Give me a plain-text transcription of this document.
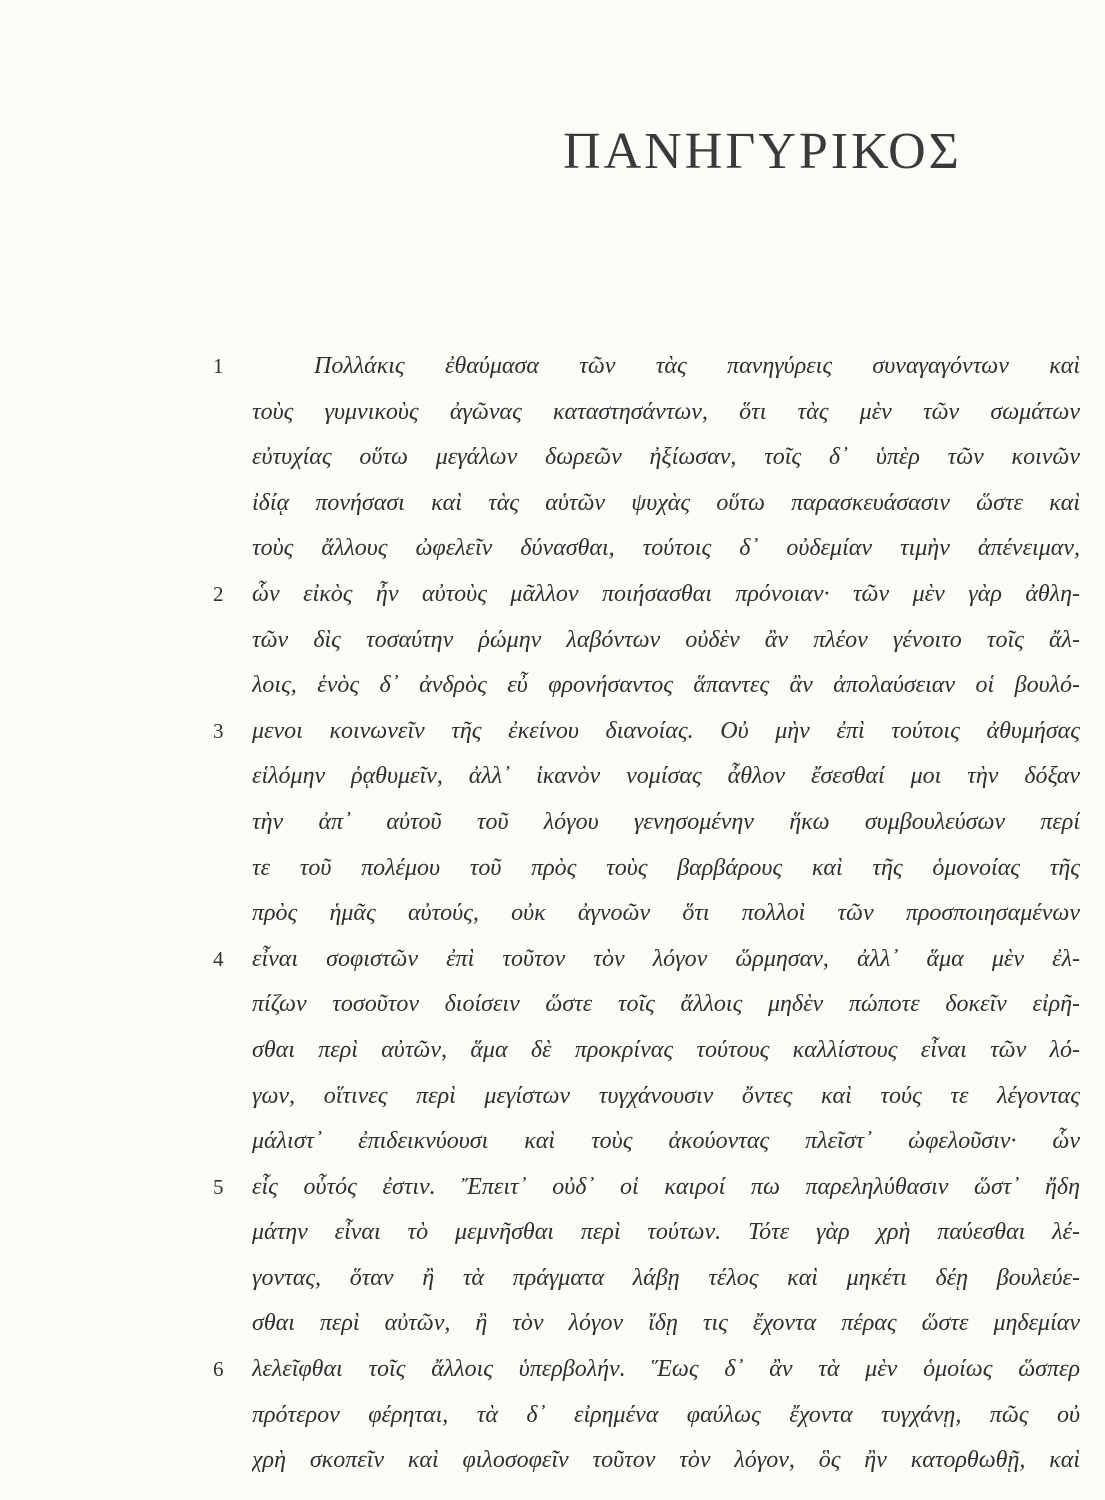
ΠΑΝΗΓΥΡΙΚΟΣ
1	Πολλάκις ἐθαύμασα τῶν τὰς πανηγύρεις συναγαγόντων καὶ
τοὺς γυμνικοὺς ἀγῶνας καταστησάντων, ὅτι τὰς μὲν τῶν σωμάτων
εὐτυχίας οὕτω μεγάλων δωρεῶν ἠξίωσαν, τοῖς δ᾽ ὑπὲρ τῶν κοινῶν
ἰδίᾳ πονήσασι καὶ τὰς αὑτῶν ψυχὰς οὕτω παρασκευάσασιν ὥστε καὶ
τοὺς ἄλλους ὠφελεῖν δύνασθαι, τούτοις δ᾽ οὐδεμίαν τιμὴν ἀπένειμαν,
2	ὧν εἰκὸς ἦν αὐτοὺς μᾶλλον ποιήσασθαι πρόνοιαν· τῶν μὲν γὰρ ἀθλη-
τῶν δὶς τοσαύτην ῥώμην λαβόντων οὐδὲν ἂν πλέον γένοιτο τοῖς ἄλ-
λοις, ἑνὸς δ᾽ ἀνδρὸς εὖ φρονήσαντος ἅπαντες ἂν ἀπολαύσειαν οἱ βουλό-
3	μενοι κοινωνεῖν τῆς ἐκείνου διανοίας. Οὐ μὴν ἐπὶ τούτοις ἀθυμήσας
εἱλόμην ῥᾳθυμεῖν, ἀλλ᾽ ἱκανὸν νομίσας ἆθλον ἔσεσθαί μοι τὴν δόξαν
τὴν ἀπ᾽ αὐτοῦ τοῦ λόγου γενησομένην ἥκω συμβουλεύσων περί
τε τοῦ πολέμου τοῦ πρὸς τοὺς βαρβάρους καὶ τῆς ὁμονοίας τῆς
πρὸς ἡμᾶς αὐτούς, οὐκ ἀγνοῶν ὅτι πολλοὶ τῶν προσποιησαμένων
4	εἶναι σοφιστῶν ἐπὶ τοῦτον τὸν λόγον ὥρμησαν, ἀλλ᾽ ἅμα μὲν ἐλ-
πίζων τοσοῦτον διοίσειν ὥστε τοῖς ἄλλοις μηδὲν πώποτε δοκεῖν εἰρῆ-
σθαι περὶ αὐτῶν, ἅμα δὲ προκρίνας τούτους καλλίστους εἶναι τῶν λό-
γων, οἵτινες περὶ μεγίστων τυγχάνουσιν ὄντες καὶ τούς τε λέγοντας
μάλιστ᾽ ἐπιδεικνύουσι καὶ τοὺς ἀκούοντας πλεῖστ᾽ ὠφελοῦσιν· ὧν
5	εἷς οὗτός ἐστιν. Ἔπειτ᾽ οὐδ᾽ οἱ καιροί πω παρεληλύθασιν ὥστ᾽ ἤδη
μάτην εἶναι τὸ μεμνῆσθαι περὶ τούτων. Τότε γὰρ χρὴ παύεσθαι λέ-
γοντας, ὅταν ἢ τὰ πράγματα λάβῃ τέλος καὶ μηκέτι δέῃ βουλεύε-
σθαι περὶ αὐτῶν, ἢ τὸν λόγον ἴδῃ τις ἔχοντα πέρας ὥστε μηδεμίαν
6	λελεῖφθαι τοῖς ἄλλοις ὑπερβολήν. Ἕως δ᾽ ἂν τὰ μὲν ὁμοίως ὥσπερ
πρότερον φέρηται, τὰ δ᾽ εἰρημένα φαύλως ἔχοντα τυγχάνῃ, πῶς οὐ
χρὴ σκοπεῖν καὶ φιλοσοφεῖν τοῦτον τὸν λόγον, ὃς ἢν κατορθωθῇ, καὶ
